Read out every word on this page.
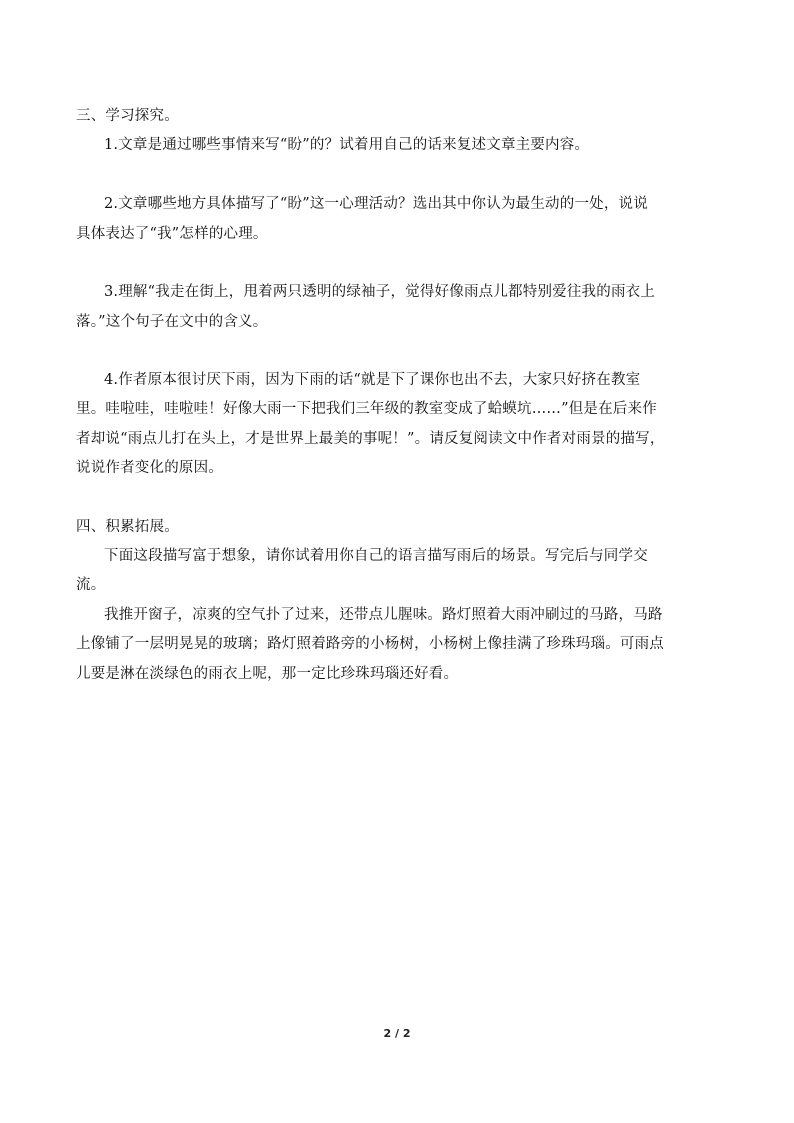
三、学习探究。
1.文章是通过哪些事情来写“盼”的？试着用自己的话来复述文章主要内容。
2.文章哪些地方具体描写了“盼”这一心理活动？选出其中你认为最生动的一处，说说
具体表达了“我”怎样的心理。
3.理解“我走在街上，甩着两只透明的绿袖子，觉得好像雨点儿都特别爱往我的雨衣上
落。”这个句子在文中的含义。
4.作者原本很讨厌下雨，因为下雨的话“就是下了课你也出不去，大家只好挤在教室
里。哇啦哇，哇啦哇！好像大雨一下把我们三年级的教室变成了蛤蟆坑……”但是在后来作
者却说“雨点儿打在头上，才是世界上最美的事呢！”。请反复阅读文中作者对雨景的描写，
说说作者变化的原因。
四、积累拓展。
下面这段描写富于想象，请你试着用你自己的语言描写雨后的场景。写完后与同学交
流。
我推开窗子，凉爽的空气扑了过来，还带点儿腥味。路灯照着大雨冲刷过的马路，马路
上像铺了一层明晃晃的玻璃；路灯照着路旁的小杨树，小杨树上像挂满了珍珠玛瑙。可雨点
儿要是淋在淡绿色的雨衣上呢，那一定比珍珠玛瑙还好看。
2 / 2
